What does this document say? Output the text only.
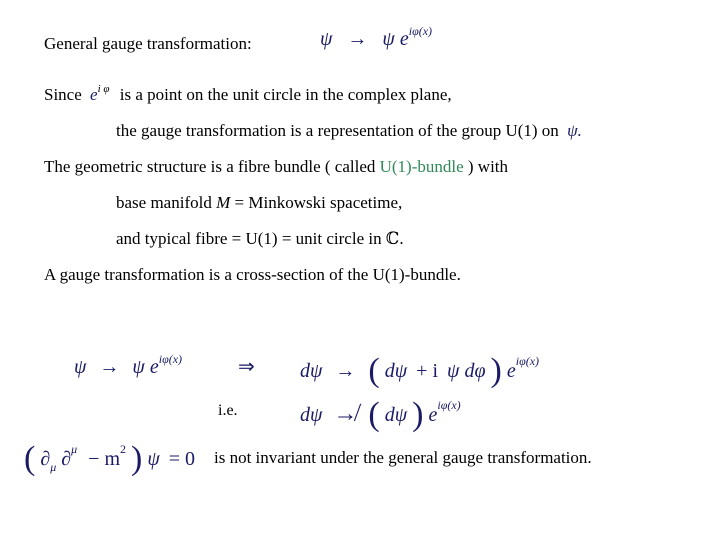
General gauge transformation:	ψ → ψ $e^{i\varphi(x)}$
Since $e^{i \varphi}$ is a point on the unit circle in the complex plane,
the gauge transformation is a representation of the group U(1) on ψ.
The geometric structure is a fibre bundle ( called U(1)-bundle ) with
base manifold M = Minkowski spacetime,
and typical fibre = U(1) = unit circle in ℂ.
A gauge transformation is a cross-section of the U(1)-bundle.
ψ → ψ $e^{i\varphi(x)}$	⇒ dψ → ( dψ + i ψ dφ ) $e^{i\varphi(x)}$
i.e.	dψ ↛ ( dψ ) $e^{i\varphi(x)}$
( $\partial_\mu$ $\partial^\mu - m^2$ ) ψ = 0 is not invariant under the general gauge transformation.
